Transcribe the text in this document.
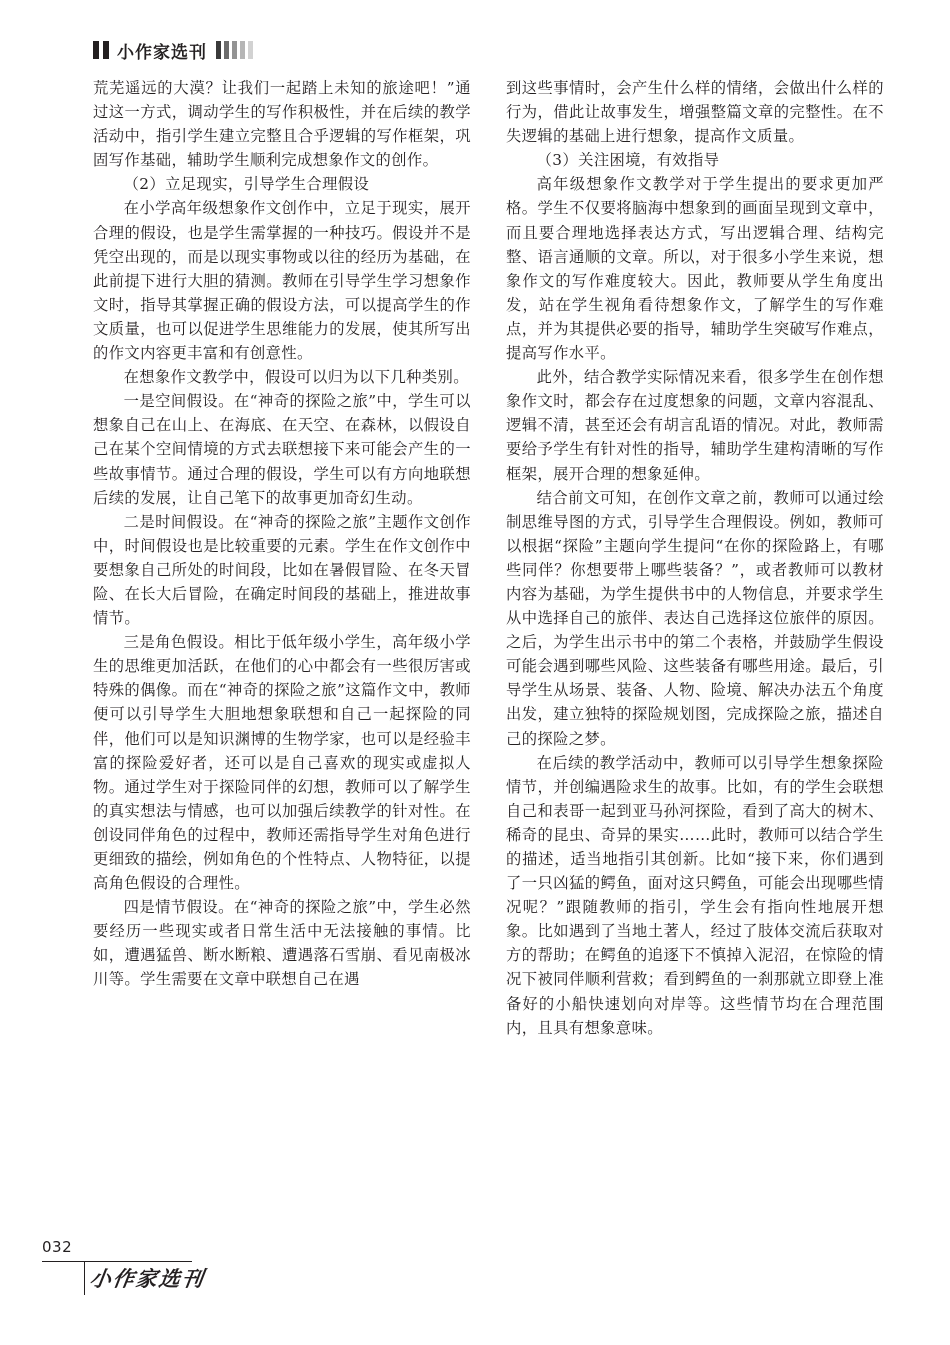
小作家选刊

荒芜遥远的大漠？让我们一起踏上未知的旅途吧！”通过这一方式，调动学生的写作积极性，并在后续的教学活动中，指引学生建立完整且合乎逻辑的写作框架，巩固写作基础，辅助学生顺利完成想象作文的创作。

（2）立足现实，引导学生合理假设

在小学高年级想象作文创作中，立足于现实，展开合理的假设，也是学生需掌握的一种技巧。假设并不是凭空出现的，而是以现实事物或以往的经历为基础，在此前提下进行大胆的猜测。教师在引导学生学习想象作文时，指导其掌握正确的假设方法，可以提高学生的作文质量，也可以促进学生思维能力的发展，使其所写出的作文内容更丰富和有创意性。

在想象作文教学中，假设可以归为以下几种类别。

一是空间假设。在“神奇的探险之旅”中，学生可以想象自己在山上、在海底、在天空、在森林，以假设自己在某个空间情境的方式去联想接下来可能会产生的一些故事情节。通过合理的假设，学生可以有方向地联想后续的发展，让自己笔下的故事更加奇幻生动。

二是时间假设。在“神奇的探险之旅”主题作文创作中，时间假设也是比较重要的元素。学生在作文创作中要想象自己所处的时间段，比如在暑假冒险、在冬天冒险、在长大后冒险，在确定时间段的基础上，推进故事情节。

三是角色假设。相比于低年级小学生，高年级小学生的思维更加活跃，在他们的心中都会有一些很厉害或特殊的偶像。而在“神奇的探险之旅”这篇作文中，教师便可以引导学生大胆地想象联想和自己一起探险的同伴，他们可以是知识渊博的生物学家，也可以是经验丰富的探险爱好者，还可以是自己喜欢的现实或虚拟人物。通过学生对于探险同伴的幻想，教师可以了解学生的真实想法与情感，也可以加强后续教学的针对性。在创设同伴角色的过程中，教师还需指导学生对角色进行更细致的描绘，例如角色的个性特点、人物特征，以提高角色假设的合理性。

四是情节假设。在“神奇的探险之旅”中，学生必然要经历一些现实或者日常生活中无法接触的事情。比如，遭遇猛兽、断水断粮、遭遇落石雪崩、看见南极冰川等。学生需要在文章中联想自己在遇

到这些事情时，会产生什么样的情绪，会做出什么样的行为，借此让故事发生，增强整篇文章的完整性。在不失逻辑的基础上进行想象，提高作文质量。

（3）关注困境，有效指导

高年级想象作文教学对于学生提出的要求更加严格。学生不仅要将脑海中想象到的画面呈现到文章中，而且要合理地选择表达方式，写出逻辑合理、结构完整、语言通顺的文章。所以，对于很多小学生来说，想象作文的写作难度较大。因此，教师要从学生角度出发，站在学生视角看待想象作文，了解学生的写作难点，并为其提供必要的指导，辅助学生突破写作难点，提高写作水平。

此外，结合教学实际情况来看，很多学生在创作想象作文时，都会存在过度想象的问题，文章内容混乱、逻辑不清，甚至还会有胡言乱语的情况。对此，教师需要给予学生有针对性的指导，辅助学生建构清晰的写作框架，展开合理的想象延伸。

结合前文可知，在创作文章之前，教师可以通过绘制思维导图的方式，引导学生合理假设。例如，教师可以根据“探险”主题向学生提问“在你的探险路上，有哪些同伴？你想要带上哪些装备？”，或者教师可以教材内容为基础，为学生提供书中的人物信息，并要求学生从中选择自己的旅伴、表达自己选择这位旅伴的原因。之后，为学生出示书中的第二个表格，并鼓励学生假设可能会遇到哪些风险、这些装备有哪些用途。最后，引导学生从场景、装备、人物、险境、解决办法五个角度出发，建立独特的探险规划图，完成探险之旅，描述自己的探险之梦。

在后续的教学活动中，教师可以引导学生想象探险情节，并创编遇险求生的故事。比如，有的学生会联想自己和表哥一起到亚马孙河探险，看到了高大的树木、稀奇的昆虫、奇异的果实……此时，教师可以结合学生的描述，适当地指引其创新。比如“接下来，你们遇到了一只凶猛的鳄鱼，面对这只鳄鱼，可能会出现哪些情况呢？”跟随教师的指引，学生会有指向性地展开想象。比如遇到了当地土著人，经过了肢体交流后获取对方的帮助；在鳄鱼的追逐下不慎掉入泥沼，在惊险的情况下被同伴顺利营救；看到鳄鱼的一刹那就立即登上准备好的小船快速划向对岸等。这些情节均在合理范围内，且具有想象意味。

032
小作家选刊
